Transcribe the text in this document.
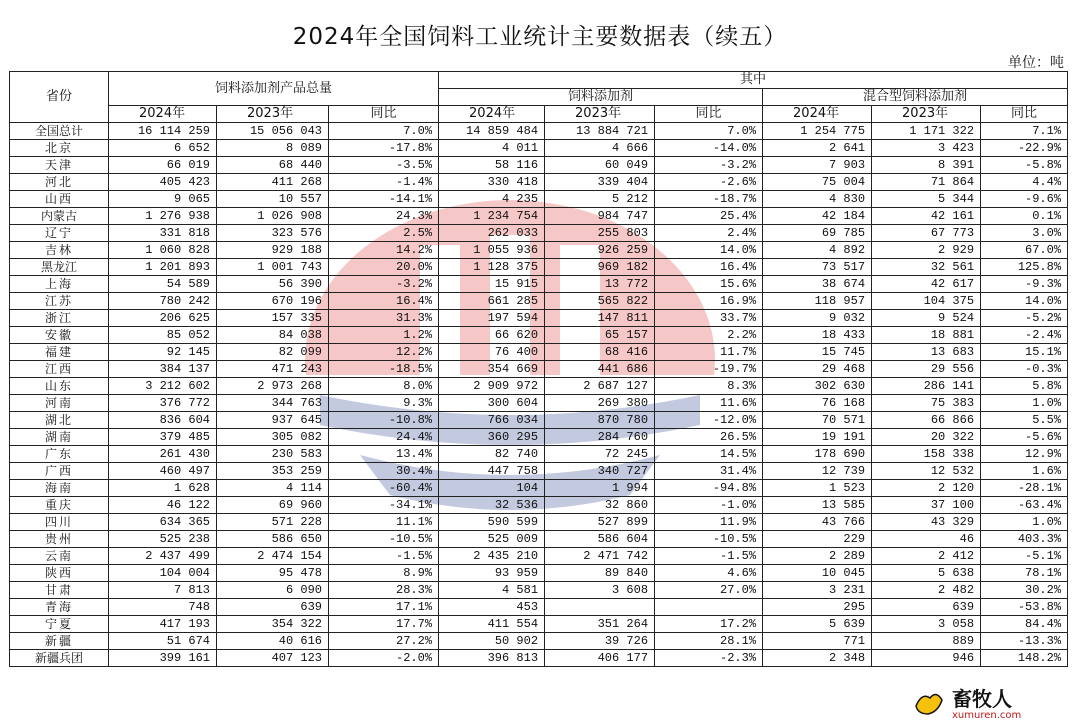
2024年全国饲料工业统计主要数据表（续五）
单位：吨
省份	饲料添加剂产品总量			其中					
				饲料添加剂			混合型饲料添加剂		
	2024年	2023年	同比	2024年	2023年	同比	2024年	2023年	同比
全国总计	16 114 259	15 056 043	7.0%	14 859 484	13 884 721	7.0%	1 254 775	1 171 322	7.1%
北京	6 652	8 089	-17.8%	4 011	4 666	-14.0%	2 641	3 423	-22.9%
天津	66 019	68 440	-3.5%	58 116	60 049	-3.2%	7 903	8 391	-5.8%
河北	405 423	411 268	-1.4%	330 418	339 404	-2.6%	75 004	71 864	4.4%
山西	9 065	10 557	-14.1%	4 235	5 212	-18.7%	4 830	5 344	-9.6%
内蒙古	1 276 938	1 026 908	24.3%	1 234 754	984 747	25.4%	42 184	42 161	0.1%
辽宁	331 818	323 576	2.5%	262 033	255 803	2.4%	69 785	67 773	3.0%
吉林	1 060 828	929 188	14.2%	1 055 936	926 259	14.0%	4 892	2 929	67.0%
黑龙江	1 201 893	1 001 743	20.0%	1 128 375	969 182	16.4%	73 517	32 561	125.8%
上海	54 589	56 390	-3.2%	15 915	13 772	15.6%	38 674	42 617	-9.3%
江苏	780 242	670 196	16.4%	661 285	565 822	16.9%	118 957	104 375	14.0%
浙江	206 625	157 335	31.3%	197 594	147 811	33.7%	9 032	9 524	-5.2%
安徽	85 052	84 038	1.2%	66 620	65 157	2.2%	18 433	18 881	-2.4%
福建	92 145	82 099	12.2%	76 400	68 416	11.7%	15 745	13 683	15.1%
江西	384 137	471 243	-18.5%	354 669	441 686	-19.7%	29 468	29 556	-0.3%
山东	3 212 602	2 973 268	8.0%	2 909 972	2 687 127	8.3%	302 630	286 141	5.8%
河南	376 772	344 763	9.3%	300 604	269 380	11.6%	76 168	75 383	1.0%
湖北	836 604	937 645	-10.8%	766 034	870 780	-12.0%	70 571	66 866	5.5%
湖南	379 485	305 082	24.4%	360 295	284 760	26.5%	19 191	20 322	-5.6%
广东	261 430	230 583	13.4%	82 740	72 245	14.5%	178 690	158 338	12.9%
广西	460 497	353 259	30.4%	447 758	340 727	31.4%	12 739	12 532	1.6%
海南	1 628	4 114	-60.4%	104	1 994	-94.8%	1 523	2 120	-28.1%
重庆	46 122	69 960	-34.1%	32 536	32 860	-1.0%	13 585	37 100	-63.4%
四川	634 365	571 228	11.1%	590 599	527 899	11.9%	43 766	43 329	1.0%
贵州	525 238	586 650	-10.5%	525 009	586 604	-10.5%	229	46	403.3%
云南	2 437 499	2 474 154	-1.5%	2 435 210	2 471 742	-1.5%	2 289	2 412	-5.1%
陕西	104 004	95 478	8.9%	93 959	89 840	4.6%	10 045	5 638	78.1%
甘肃	7 813	6 090	28.3%	4 581	3 608	27.0%	3 231	2 482	30.2%
青海	748	639	17.1%	453			295	639	-53.8%
宁夏	417 193	354 322	17.7%	411 554	351 264	17.2%	5 639	3 058	84.4%
新疆	51 674	40 616	27.2%	50 902	39 726	28.1%	771	889	-13.3%
新疆兵团	399 161	407 123	-2.0%	396 813	406 177	-2.3%	2 348	946	148.2%
畜牧人
xumuren.com
